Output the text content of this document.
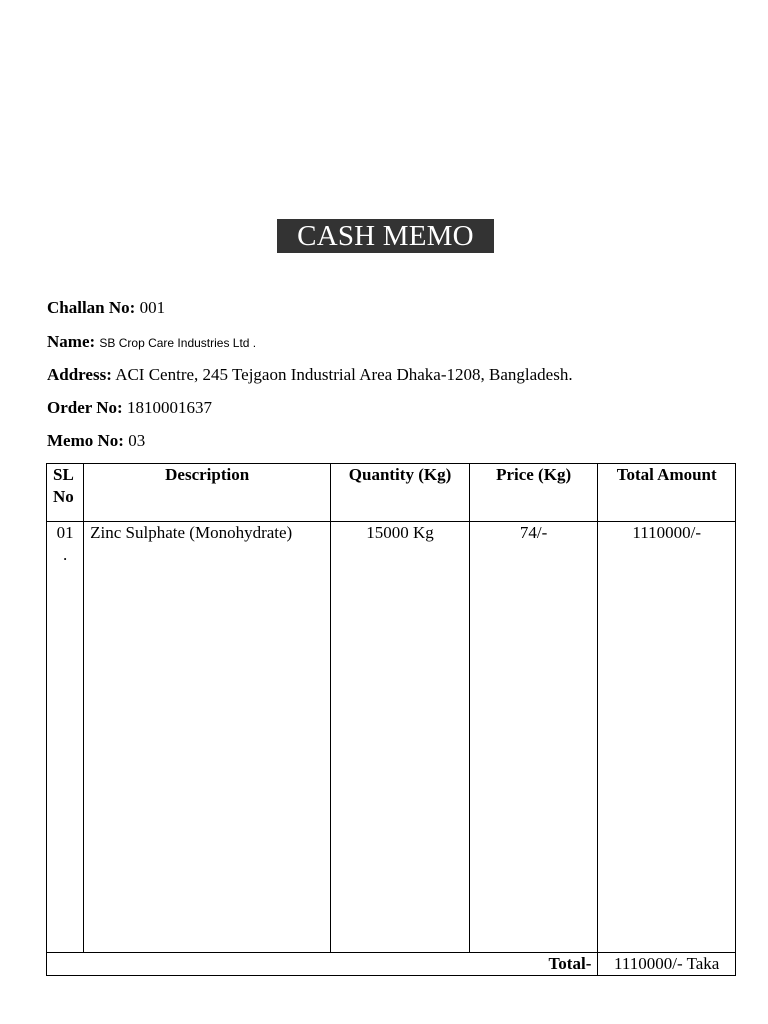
CASH MEMO
Challan No: 001
Name: SB Crop Care Industries Ltd .
Address: ACI Centre, 245 Tejgaon Industrial Area Dhaka-1208, Bangladesh.
Order No: 1810001637
Memo No: 03
SL
No	Description	Quantity (Kg)	Price (Kg)	Total Amount

01
.	Zinc Sulphate (Monohydrate)	15000 Kg	74/-	1110000/-
Total-				1110000/- Taka
